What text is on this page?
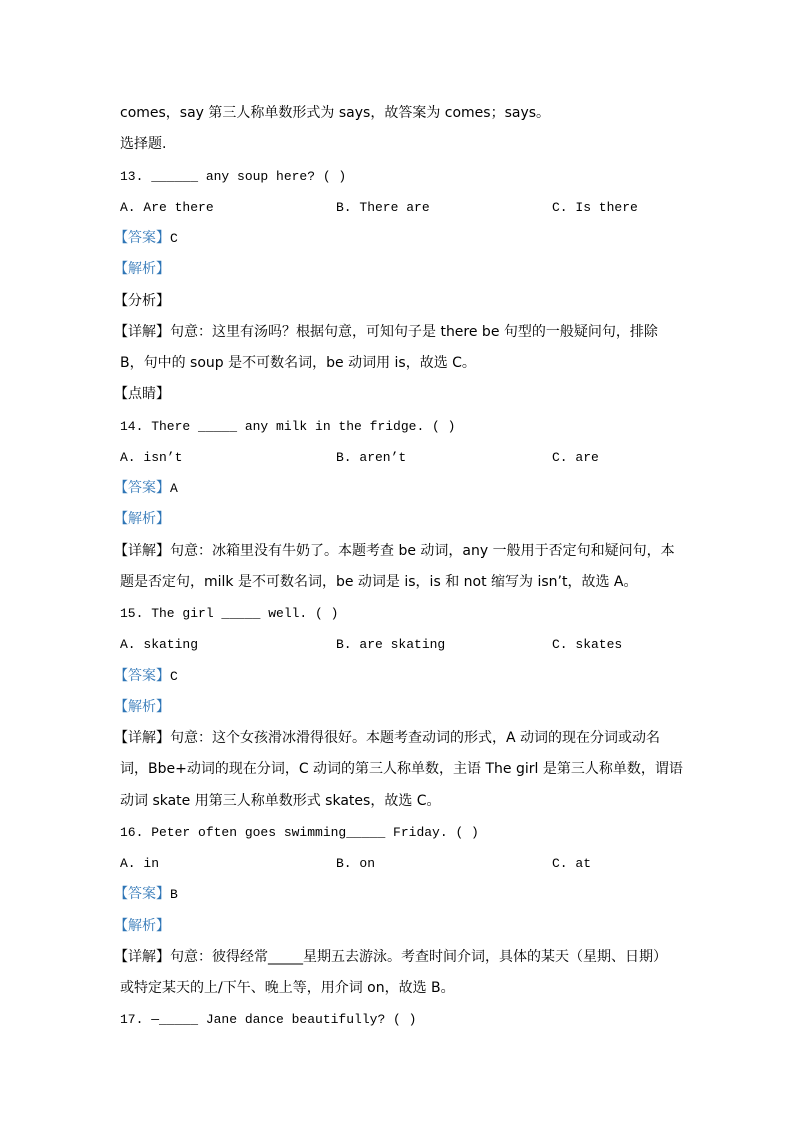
comes，say 第三人称单数形式为 says，故答案为 comes；says。
选择题.
13. ______ any soup here? ( )
A. Are there	B. There are	C. Is there
【答案】C
【解析】
【分析】
【详解】句意：这里有汤吗？根据句意，可知句子是 there be 句型的一般疑问句，排除
B，句中的 soup 是不可数名词，be 动词用 is，故选 C。
【点睛】
14. There _____ any milk in the fridge. ( )
A. isn’t	B. aren’t	C. are
【答案】A
【解析】
【详解】句意：冰箱里没有牛奶了。本题考查 be 动词，any 一般用于否定句和疑问句，本
题是否定句，milk 是不可数名词，be 动词是 is，is 和 not 缩写为 isn’t，故选 A。
15. The girl _____ well. ( )
A. skating	B. are skating	C. skates
【答案】C
【解析】
【详解】句意：这个女孩滑冰滑得很好。本题考查动词的形式，A 动词的现在分词或动名
词，Bbe+动词的现在分词，C 动词的第三人称单数，主语 The girl 是第三人称单数，谓语
动词 skate 用第三人称单数形式 skates，故选 C。
16. Peter often goes swimming_____ Friday. ( )
A. in	B. on	C. at
【答案】B
【解析】
【详解】句意：彼得经常_____星期五去游泳。考查时间介词，具体的某天（星期、日期）
或特定某天的上/下午、晚上等，用介词 on，故选 B。
17. —_____ Jane dance beautifully? ( )
